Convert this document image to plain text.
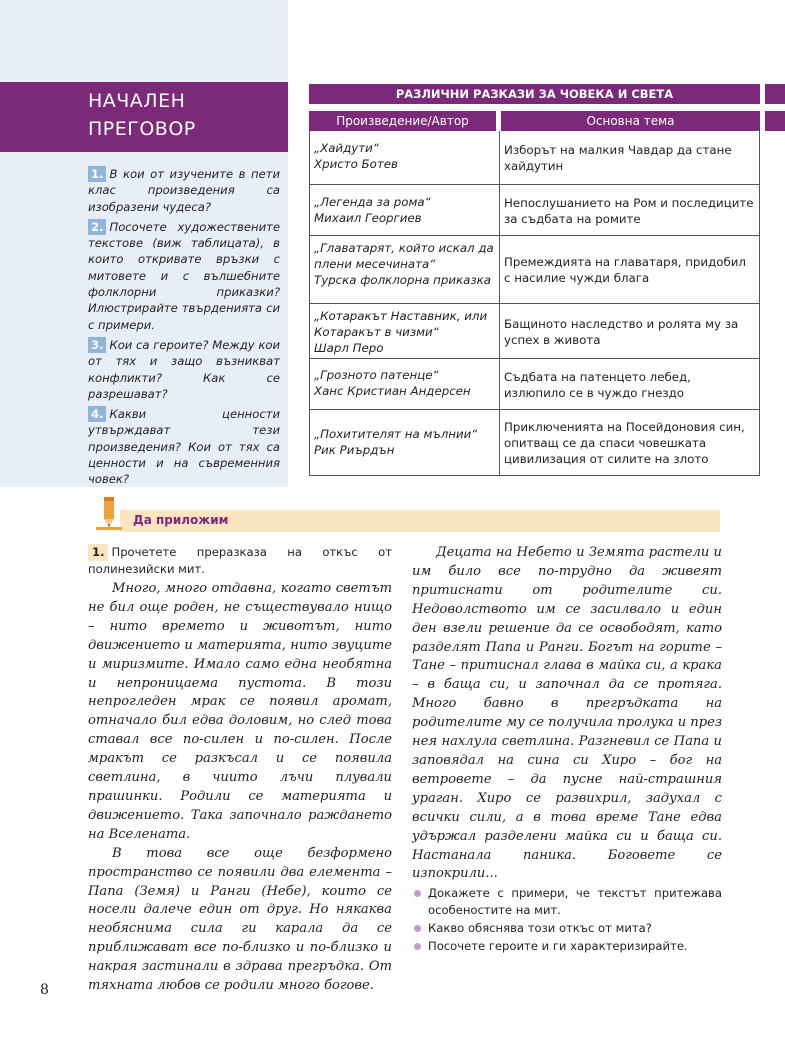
НАЧАЛЕН
ПРЕГОВОР
1. В кои от изучените в пети клас произведения са изобразени чудеса?
2. Посочете художествените текстове (виж таблицата), в които откривате връзки с митовете и с вълшебните фолклорни приказки? Илюстрирайте твърденията си с примери.
3. Кои са героите? Между кои от тях и защо възникват конфликти? Как се разрешават?
4. Какви ценности утвърждават тези произведения? Кои от тях са ценности и на съвременния човек?
РАЗЛИЧНИ РАЗКАЗИ ЗА ЧОВЕКА И СВЕТА
Произведение/Автор	Основна тема
„Хайдути“
Христо Ботев
Изборът на малкия Чавдар да стане хайдутин
„Легенда за рома“
Михаил Георгиев
Непослушанието на Ром и последиците за съдбата на ромите
„Главатарят, който искал да плени месечината“
Турска фолклорна приказка
Премеждията на главатаря, придобил с насилие чужди блага
„Котаракът Наставник, или Котаракът в чизми“
Шарл Перо
Бащиното наследство и ролята му за успех в живота
„Грозното патенце“
Ханс Кристиан Андерсен
Съдбата на патенцето лебед, излюпило се в чуждо гнездо
„Похитителят на мълнии“
Рик Риърдън
Приключенията на Посейдоновия син, опитващ се да спаси човешката цивилизация от силите на злото
Да приложим

1. Прочетете преразказа на откъс от полинезийски мит.

Много, много отдавна, когато светът не бил още роден, не съществувало нищо – нито времето и животът, нито движението и материята, нито звуците и миризмите. Имало само една необятна и непроницаема пустота. В този непрогледен мрак се появил аромат, отначало бил едва доловим, но след това ставал все по-силен и по-силен. После мракът се разкъсал и се появила светлина, в чиито лъчи плували прашинки. Родили се материята и движението. Така започнало раждането на Вселената.

В това все още безформено пространство се появили два елемента – Папа (Земя) и Ранги (Небе), които се носели далече един от друг. Но някаква необяснима сила ги карала да се приближават все по-близко и по-близко и накрая застинали в здрава прегръдка. От тяхната любов се родили много богове.

Децата на Небето и Земята растели и им било все по-трудно да живеят притиснати от родителите си. Недоволството им се засилвало и един ден взели решение да се освободят, като разделят Папа и Ранги. Богът на горите – Тане – притиснал глава в майка си, а крака – в баща си, и започнал да се протяга. Много бавно в прегръдката на родителите му се получила пролука и през нея нахлула светлина. Разгневил се Папа и заповядал на сина си Хиро – бог на ветровете – да пусне най-страшния ураган. Хиро се развихрил, задухал с всички сили, а в това време Тане едва удържал разделени майка си и баща си. Настанала паника. Боговете се изпокрили...

Докажете с примери, че текстът притежава особеностите на мит.

Какво обяснява този откъс от мита?

Посочете героите и ги характеризирайте.

8
